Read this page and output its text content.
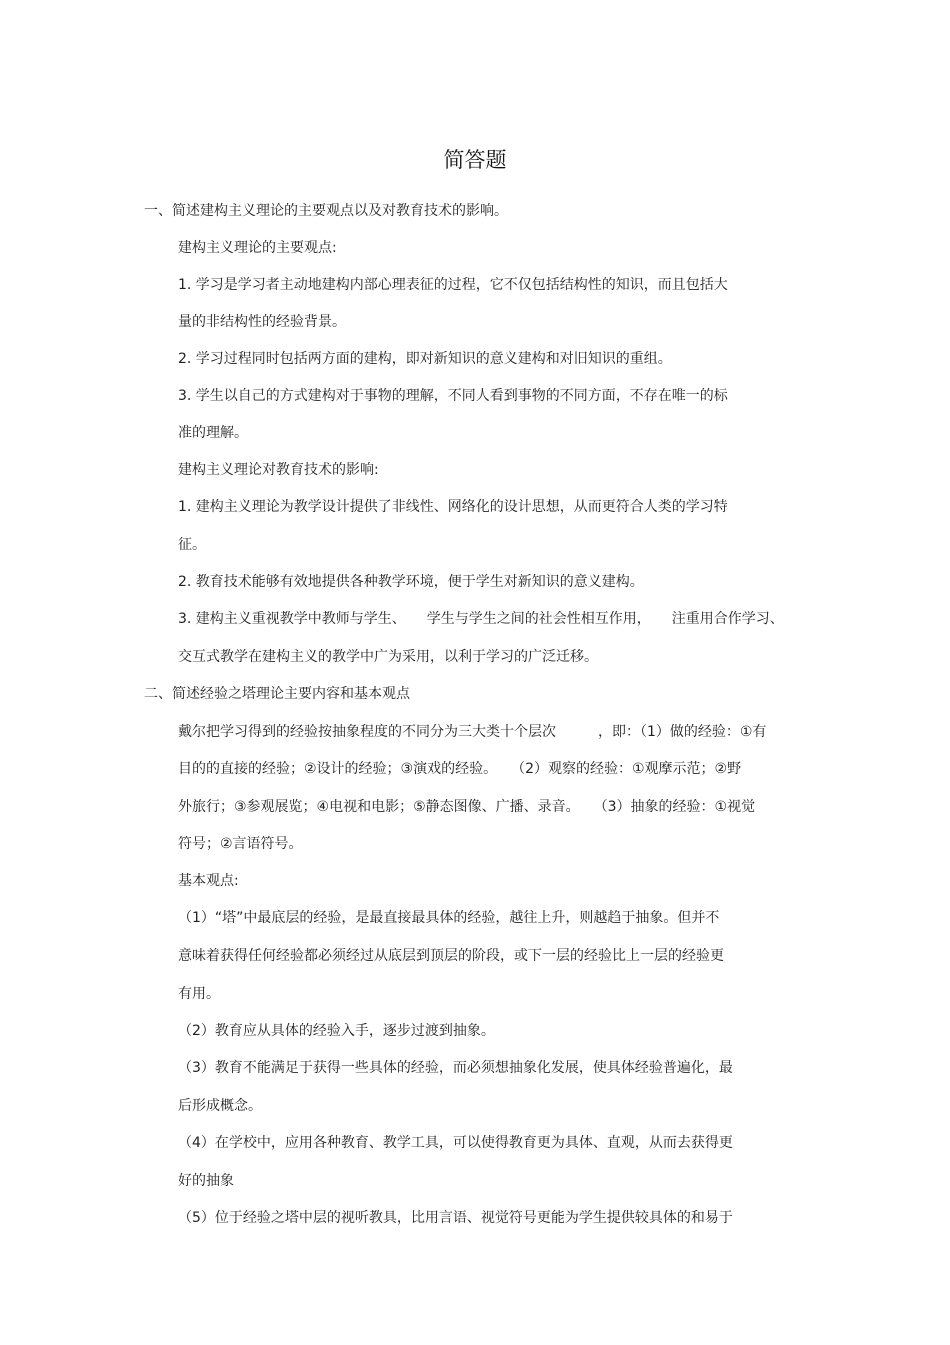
简答题
一、简述建构主义理论的主要观点以及对教育技术的影响。
建构主义理论的主要观点:
1. 学习是学习者主动地建构内部心理表征的过程，它不仅包括结构性的知识，而且包括大
量的非结构性的经验背景。
2. 学习过程同时包括两方面的建构，即对新知识的意义建构和对旧知识的重组。
3. 学生以自己的方式建构对于事物的理解，不同人看到事物的不同方面，不存在唯一的标
准的理解。
建构主义理论对教育技术的影响:
1. 建构主义理论为教学设计提供了非线性、网络化的设计思想，从而更符合人类的学习特
征。
2. 教育技术能够有效地提供各种教学环境，便于学生对新知识的意义建构。
3. 建构主义重视教学中教师与学生、　　学生与学生之间的社会性相互作用，　　注重用合作学习、
交互式教学在建构主义的教学中广为采用，以利于学习的广泛迁移。
二、简述经验之塔理论主要内容和基本观点
戴尔把学习得到的经验按抽象程度的不同分为三大类十个层次　　　，即：（1）做的经验：①有
目的的直接的经验；②设计的经验；③演戏的经验。　　（2）观察的经验：①观摩示范；②野
外旅行；③参观展览；④电视和电影；⑤静态图像、广播、录音。　　（3）抽象的经验：①视觉
符号；②言语符号。
基本观点:
（1）“塔”中最底层的经验，是最直接最具体的经验，越往上升，则越趋于抽象。但并不
意味着获得任何经验都必须经过从底层到顶层的阶段，或下一层的经验比上一层的经验更
有用。
（2）教育应从具体的经验入手，逐步过渡到抽象。
（3）教育不能满足于获得一些具体的经验，而必须想抽象化发展，使具体经验普遍化，最
后形成概念。
（4）在学校中，应用各种教育、教学工具，可以使得教育更为具体、直观，从而去获得更
好的抽象
（5）位于经验之塔中层的视听教具，比用言语、视觉符号更能为学生提供较具体的和易于
